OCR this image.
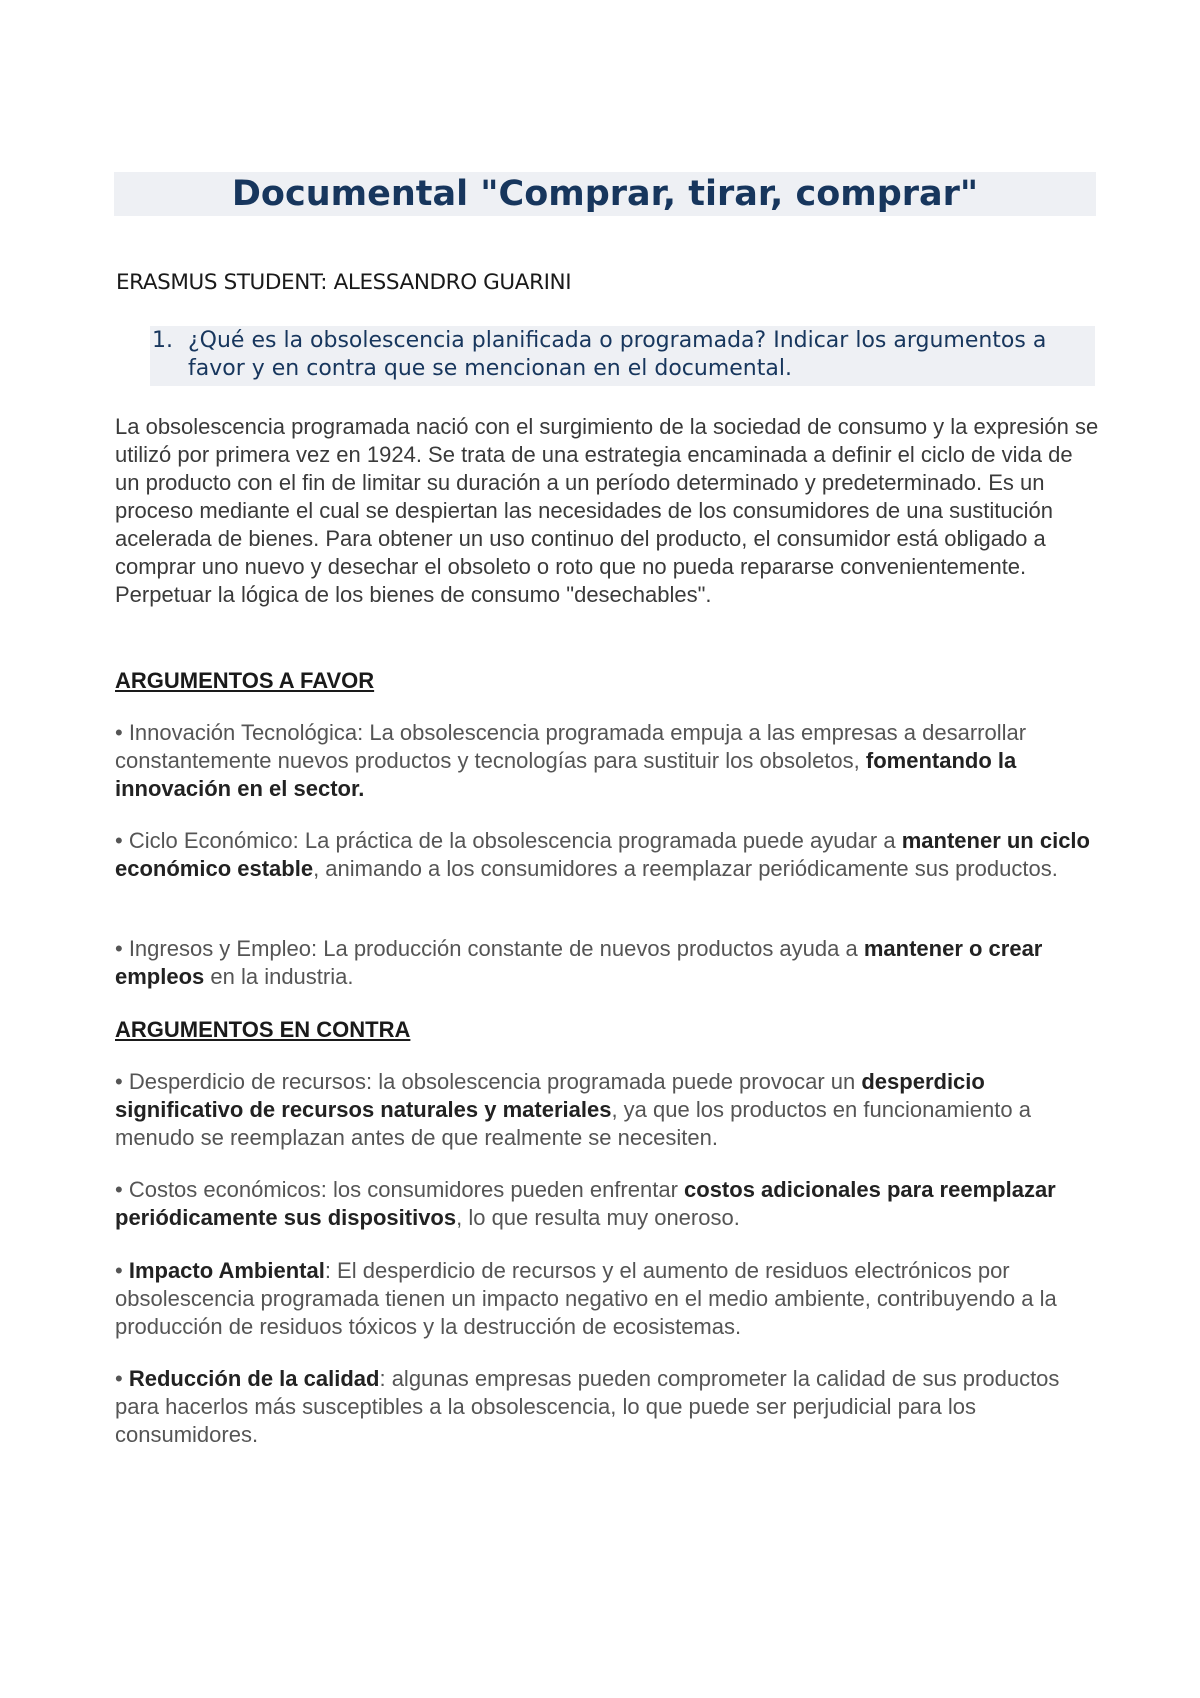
Documental "Comprar, tirar, comprar"

ERASMUS STUDENT: ALESSANDRO GUARINI

1. ¿Qué es la obsolescencia planificada o programada? Indicar los argumentos a favor y en contra que se mencionan en el documental.

La obsolescencia programada nació con el surgimiento de la sociedad de consumo y la expresión se utilizó por primera vez en 1924. Se trata de una estrategia encaminada a definir el ciclo de vida de un producto con el fin de limitar su duración a un período determinado y predeterminado. Es un proceso mediante el cual se despiertan las necesidades de los consumidores de una sustitución acelerada de bienes. Para obtener un uso continuo del producto, el consumidor está obligado a comprar uno nuevo y desechar el obsoleto o roto que no pueda repararse convenientemente. Perpetuar la lógica de los bienes de consumo "desechables".

ARGUMENTOS A FAVOR

• Innovación Tecnológica: La obsolescencia programada empuja a las empresas a desarrollar constantemente nuevos productos y tecnologías para sustituir los obsoletos, fomentando la innovación en el sector.

• Ciclo Económico: La práctica de la obsolescencia programada puede ayudar a mantener un ciclo económico estable, animando a los consumidores a reemplazar periódicamente sus productos.

• Ingresos y Empleo: La producción constante de nuevos productos ayuda a mantener o crear empleos en la industria.

ARGUMENTOS EN CONTRA

• Desperdicio de recursos: la obsolescencia programada puede provocar un desperdicio significativo de recursos naturales y materiales, ya que los productos en funcionamiento a menudo se reemplazan antes de que realmente se necesiten.

• Costos económicos: los consumidores pueden enfrentar costos adicionales para reemplazar periódicamente sus dispositivos, lo que resulta muy oneroso.

• Impacto Ambiental: El desperdicio de recursos y el aumento de residuos electrónicos por obsolescencia programada tienen un impacto negativo en el medio ambiente, contribuyendo a la producción de residuos tóxicos y la destrucción de ecosistemas.

• Reducción de la calidad: algunas empresas pueden comprometer la calidad de sus productos para hacerlos más susceptibles a la obsolescencia, lo que puede ser perjudicial para los consumidores.
